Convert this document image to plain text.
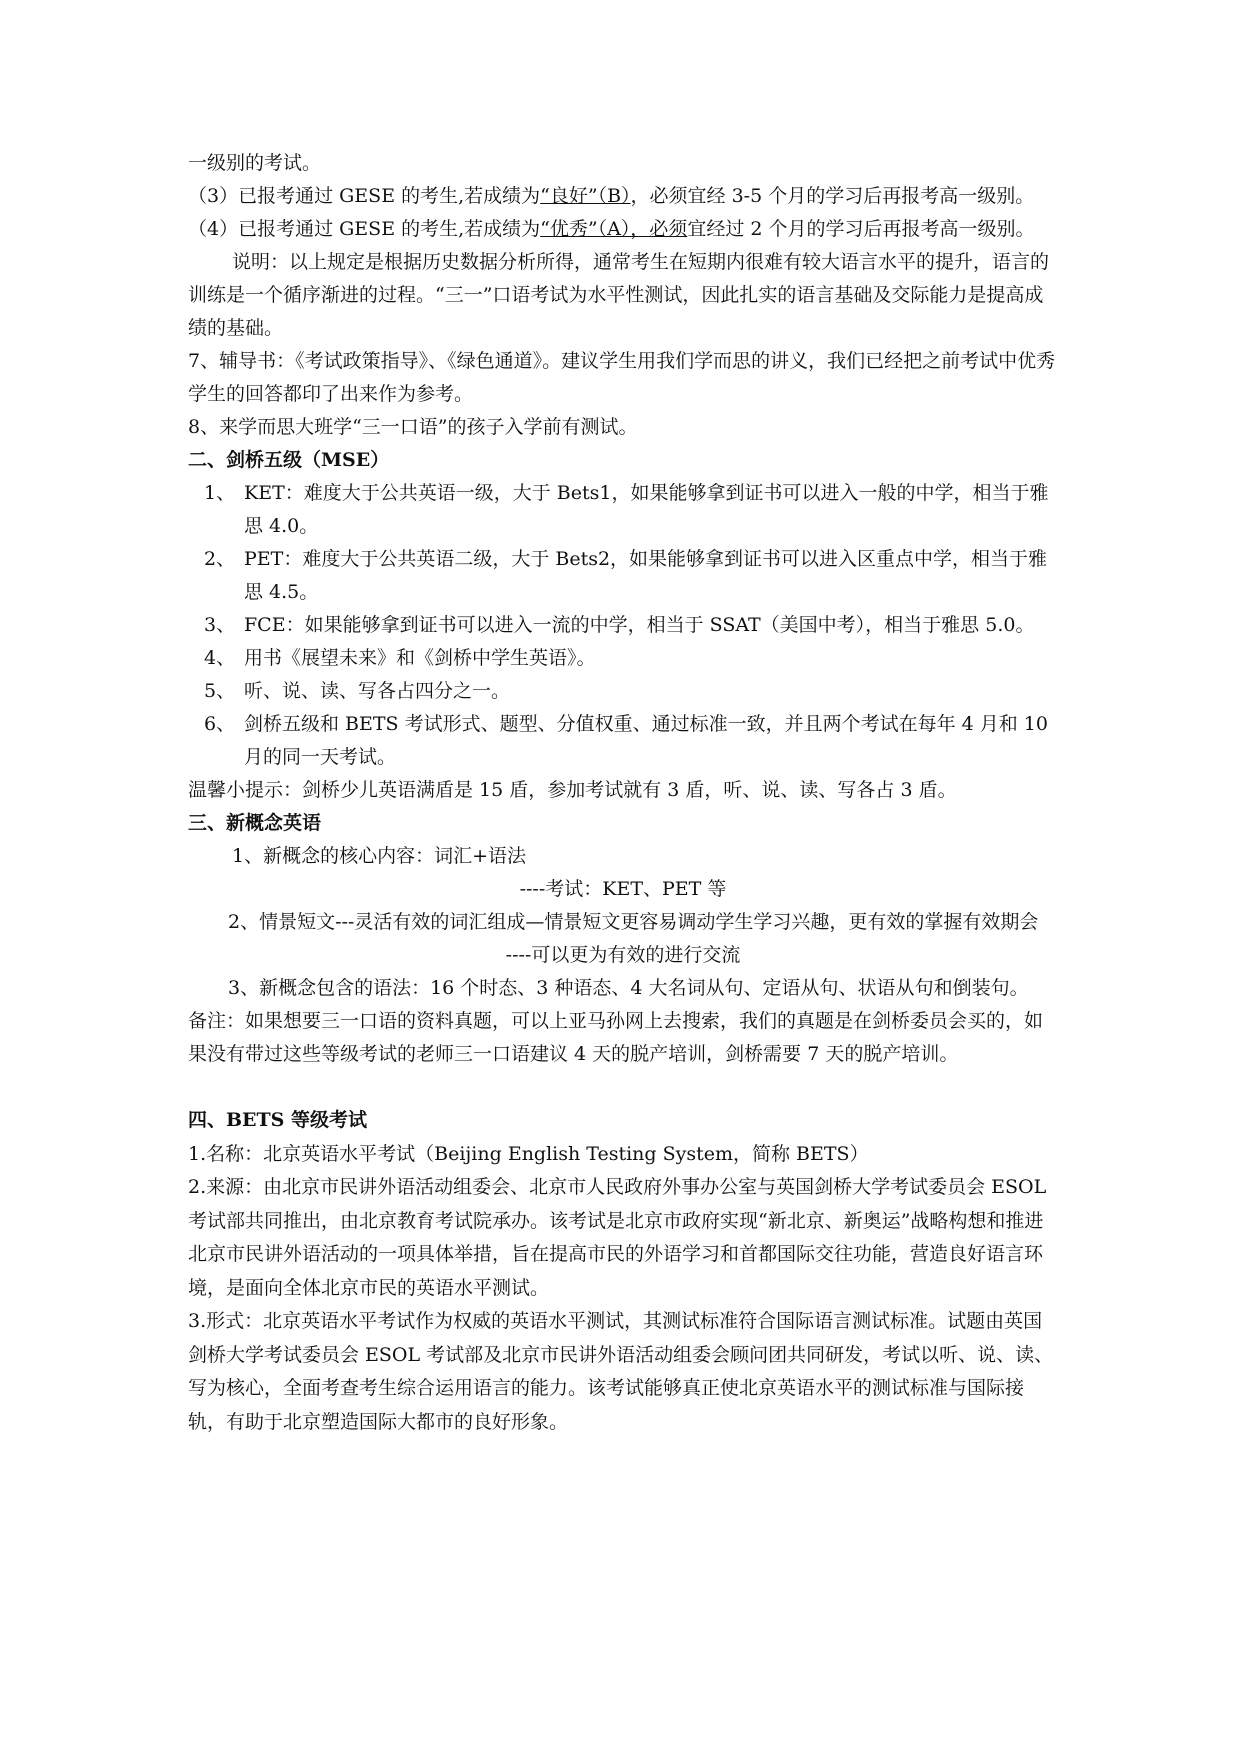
一级别的考试。

（3）已报考通过 GESE 的考生,若成绩为“良好”（B），必须宜经 3-5 个月的学习后再报考高一级别。

（4）已报考通过 GESE 的考生,若成绩为“优秀”（A），必须宜经过 2 个月的学习后再报考高一级别。

说明：以上规定是根据历史数据分析所得，通常考生在短期内很难有较大语言水平的提升，语言的训练是一个循序渐进的过程。“三一”口语考试为水平性测试，因此扎实的语言基础及交际能力是提高成绩的基础。

7、辅导书：《考试政策指导》、《绿色通道》。建议学生用我们学而思的讲义，我们已经把之前考试中优秀学生的回答都印了出来作为参考。

8、来学而思大班学“三一口语”的孩子入学前有测试。

二、剑桥五级（MSE）

1、 KET：难度大于公共英语一级，大于 Bets1，如果能够拿到证书可以进入一般的中学，相当于雅思 4.0。
2、 PET：难度大于公共英语二级，大于 Bets2，如果能够拿到证书可以进入区重点中学，相当于雅思 4.5。
3、 FCE：如果能够拿到证书可以进入一流的中学，相当于 SSAT（美国中考），相当于雅思 5.0。
4、 用书《展望未来》和《剑桥中学生英语》。
5、 听、说、读、写各占四分之一。
6、 剑桥五级和 BETS 考试形式、题型、分值权重、通过标准一致，并且两个考试在每年 4 月和 10 月的同一天考试。

温馨小提示：剑桥少儿英语满盾是 15 盾，参加考试就有 3 盾，听、说、读、写各占 3 盾。

三、新概念英语

1、新概念的核心内容：词汇+语法

----考试：KET、PET 等

2、情景短文---灵活有效的词汇组成—情景短文更容易调动学生学习兴趣，更有效的掌握有效期会

----可以更为有效的进行交流

3、新概念包含的语法：16 个时态、3 种语态、4 大名词从句、定语从句、状语从句和倒装句。

备注：如果想要三一口语的资料真题，可以上亚马孙网上去搜索，我们的真题是在剑桥委员会买的，如果没有带过这些等级考试的老师三一口语建议 4 天的脱产培训，剑桥需要 7 天的脱产培训。

四、BETS 等级考试

1.名称：北京英语水平考试（Beijing English Testing System，简称 BETS）

2.来源：由北京市民讲外语活动组委会、北京市人民政府外事办公室与英国剑桥大学考试委员会 ESOL 考试部共同推出，由北京教育考试院承办。该考试是北京市政府实现“新北京、新奥运”战略构想和推进北京市民讲外语活动的一项具体举措，旨在提高市民的外语学习和首都国际交往功能，营造良好语言环境，是面向全体北京市民的英语水平测试。

3.形式：北京英语水平考试作为权威的英语水平测试，其测试标准符合国际语言测试标准。试题由英国剑桥大学考试委员会 ESOL 考试部及北京市民讲外语活动组委会顾问团共同研发，考试以听、说、读、写为核心，全面考查考生综合运用语言的能力。该考试能够真正使北京英语水平的测试标准与国际接轨，有助于北京塑造国际大都市的良好形象。
